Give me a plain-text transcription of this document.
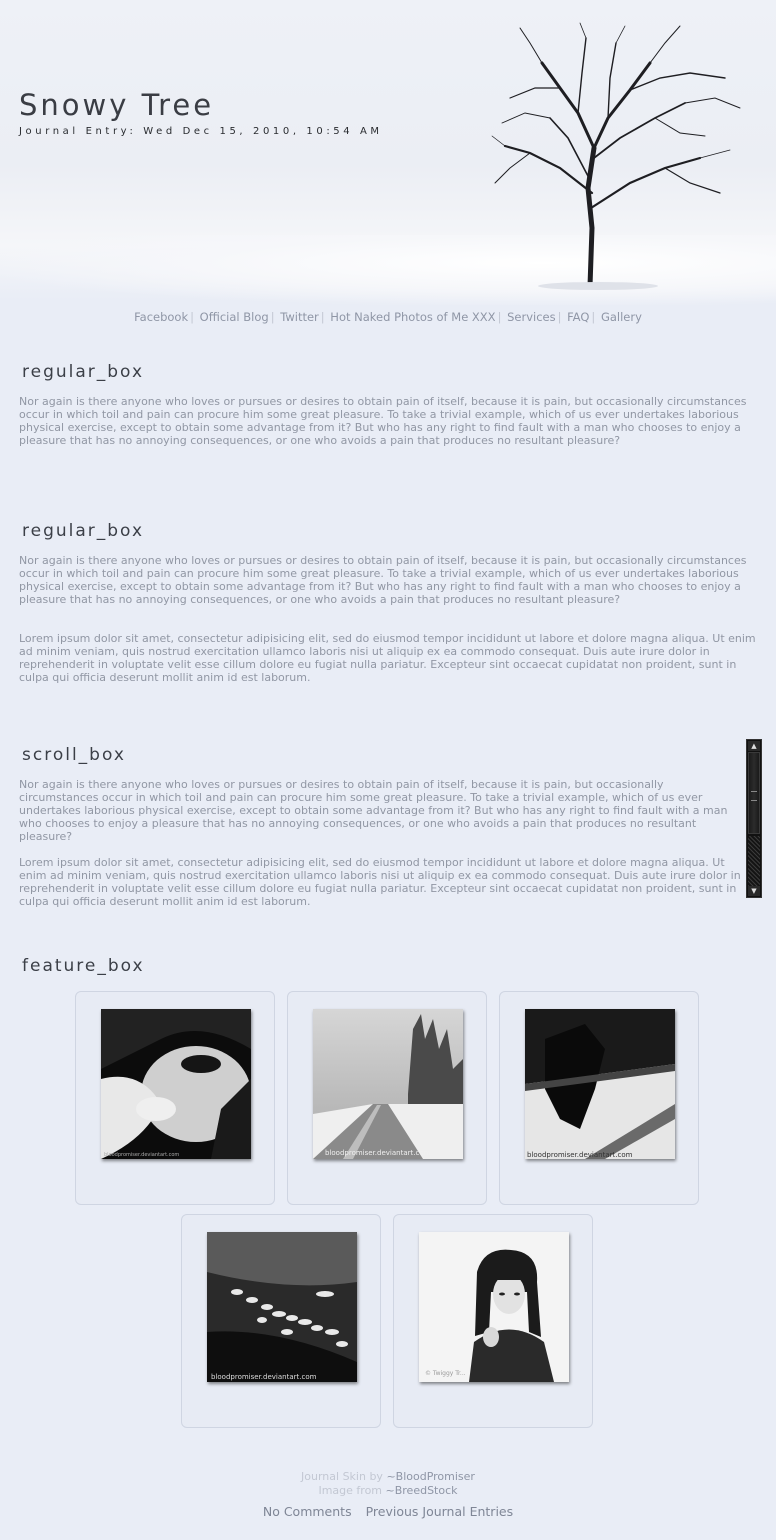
Snowy Tree
Journal Entry: Wed Dec 15, 2010, 10:54 AM
Facebook | Official Blog | Twitter | Hot Naked Photos of Me XXX | Services | FAQ | Gallery
regular_box

Nor again is there anyone who loves or pursues or desires to obtain pain of itself, because it is pain, but occasionally circumstances occur in which toil and pain can procure him some great pleasure. To take a trivial example, which of us ever undertakes laborious physical exercise, except to obtain some advantage from it? But who has any right to find fault with a man who chooses to enjoy a pleasure that has no annoying consequences, or one who avoids a pain that produces no resultant pleasure?

regular_box

Nor again is there anyone who loves or pursues or desires to obtain pain of itself, because it is pain, but occasionally circumstances occur in which toil and pain can procure him some great pleasure. To take a trivial example, which of us ever undertakes laborious physical exercise, except to obtain some advantage from it? But who has any right to find fault with a man who chooses to enjoy a pleasure that has no annoying consequences, or one who avoids a pain that produces no resultant pleasure?

Lorem ipsum dolor sit amet, consectetur adipisicing elit, sed do eiusmod tempor incididunt ut labore et dolore magna aliqua. Ut enim ad minim veniam, quis nostrud exercitation ullamco laboris nisi ut aliquip ex ea commodo consequat. Duis aute irure dolor in reprehenderit in voluptate velit esse cillum dolore eu fugiat nulla pariatur. Excepteur sint occaecat cupidatat non proident, sunt in culpa qui officia deserunt mollit anim id est laborum.

scroll_box

Nor again is there anyone who loves or pursues or desires to obtain pain of itself, because it is pain, but occasionally circumstances occur in which toil and pain can procure him some great pleasure. To take a trivial example, which of us ever undertakes laborious physical exercise, except to obtain some advantage from it? But who has any right to find fault with a man who chooses to enjoy a pleasure that has no annoying consequences, or one who avoids a pain that produces no resultant pleasure?

Lorem ipsum dolor sit amet, consectetur adipisicing elit, sed do eiusmod tempor incididunt ut labore et dolore magna aliqua. Ut enim ad minim veniam, quis nostrud exercitation ullamco laboris nisi ut aliquip ex ea commodo consequat. Duis aute irure dolor in reprehenderit in voluptate velit esse cillum dolore eu fugiat nulla pariatur. Excepteur sint occaecat cupidatat non proident, sunt in culpa qui officia deserunt mollit anim id est laborum.

▲
▼
feature_box
bloodpromiser.deviantart.com	bloodpromiser.deviantart.com	bloodpromiser.deviantart.com
bloodpromiser.deviantart.com	© Twiggy Tr...
Journal Skin by ~BloodPromiser
Image from ~BreedStock
No Comments Previous Journal Entries
